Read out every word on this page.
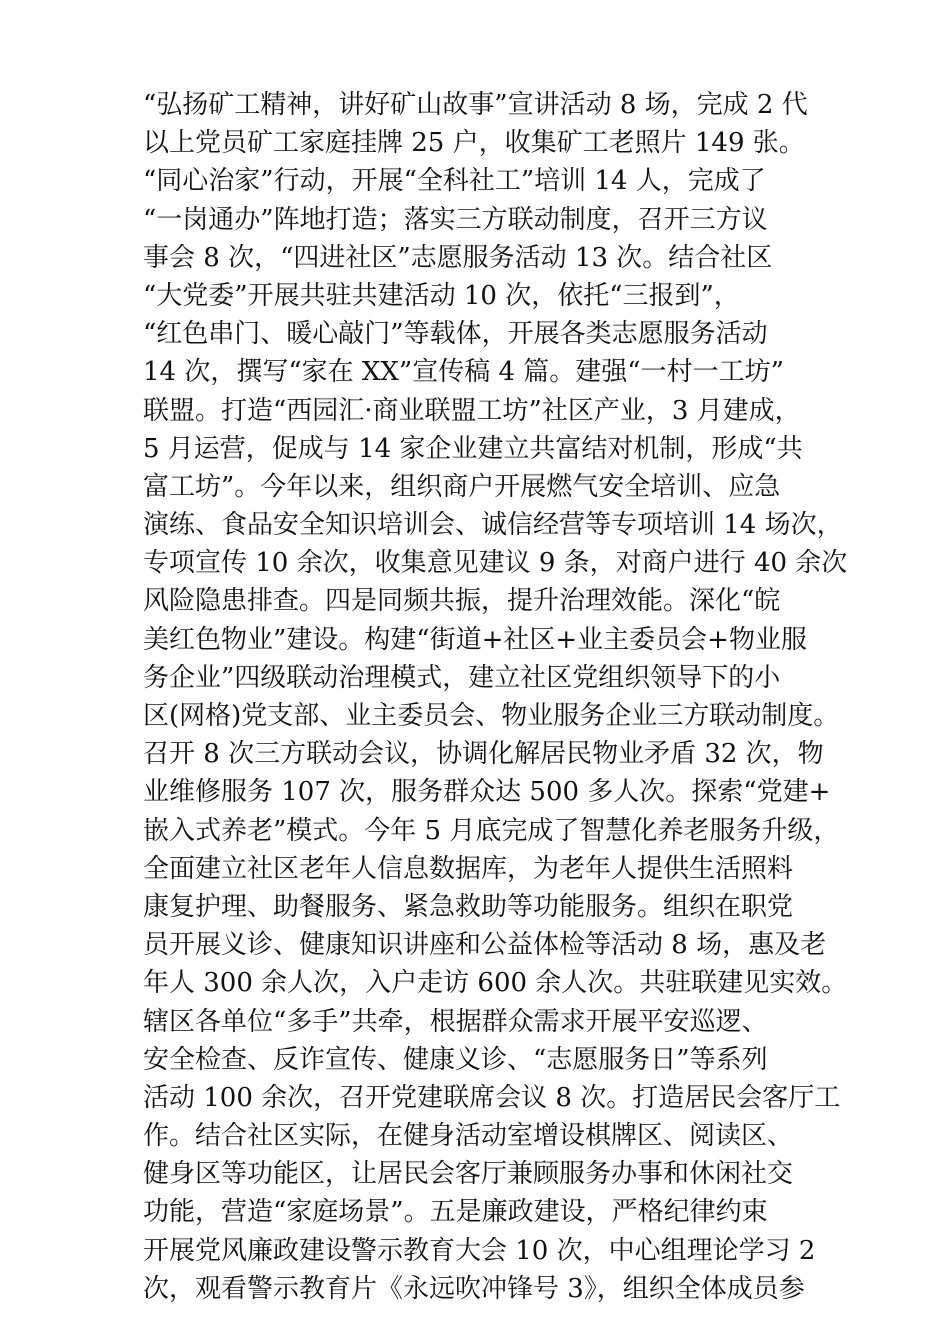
“弘扬矿工精神，讲好矿山故事”宣讲活动 8 场，完成 2 代
以上党员矿工家庭挂牌 25 户，收集矿工老照片 149 张。
“同心治家”行动，开展“全科社工”培训 14 人，完成了
“一岗通办”阵地打造；落实三方联动制度，召开三方议
事会 8 次，“四进社区”志愿服务活动 13 次。结合社区
“大党委”开展共驻共建活动 10 次，依托“三报到”，
“红色串门、暖心敲门”等载体，开展各类志愿服务活动
14 次，撰写“家在 XX”宣传稿 4 篇。建强“一村一工坊”
联盟。打造“西园汇·商业联盟工坊”社区产业，3 月建成，
5 月运营，促成与 14 家企业建立共富结对机制，形成“共
富工坊”。今年以来，组织商户开展燃气安全培训、应急
演练、食品安全知识培训会、诚信经营等专项培训 14 场次，
专项宣传 10 余次，收集意见建议 9 条，对商户进行 40 余次
风险隐患排查。四是同频共振，提升治理效能。深化“皖
美红色物业”建设。构建“街道+社区+业主委员会+物业服
务企业”四级联动治理模式，建立社区党组织领导下的小
区(网格)党支部、业主委员会、物业服务企业三方联动制度。
召开 8 次三方联动会议，协调化解居民物业矛盾 32 次，物
业维修服务 107 次，服务群众达 500 多人次。探索“党建+
嵌入式养老”模式。今年 5 月底完成了智慧化养老服务升级，
全面建立社区老年人信息数据库，为老年人提供生活照料
康复护理、助餐服务、紧急救助等功能服务。组织在职党
员开展义诊、健康知识讲座和公益体检等活动 8 场，惠及老
年人 300 余人次，入户走访 600 余人次。共驻联建见实效。
辖区各单位“多手”共牵，根据群众需求开展平安巡逻、
安全检查、反诈宣传、健康义诊、“志愿服务日”等系列
活动 100 余次，召开党建联席会议 8 次。打造居民会客厅工
作。结合社区实际，在健身活动室增设棋牌区、阅读区、
健身区等功能区，让居民会客厅兼顾服务办事和休闲社交
功能，营造“家庭场景”。五是廉政建设，严格纪律约束
开展党风廉政建设警示教育大会 10 次，中心组理论学习 2
次，观看警示教育片《永远吹冲锋号 3》，组织全体成员参
